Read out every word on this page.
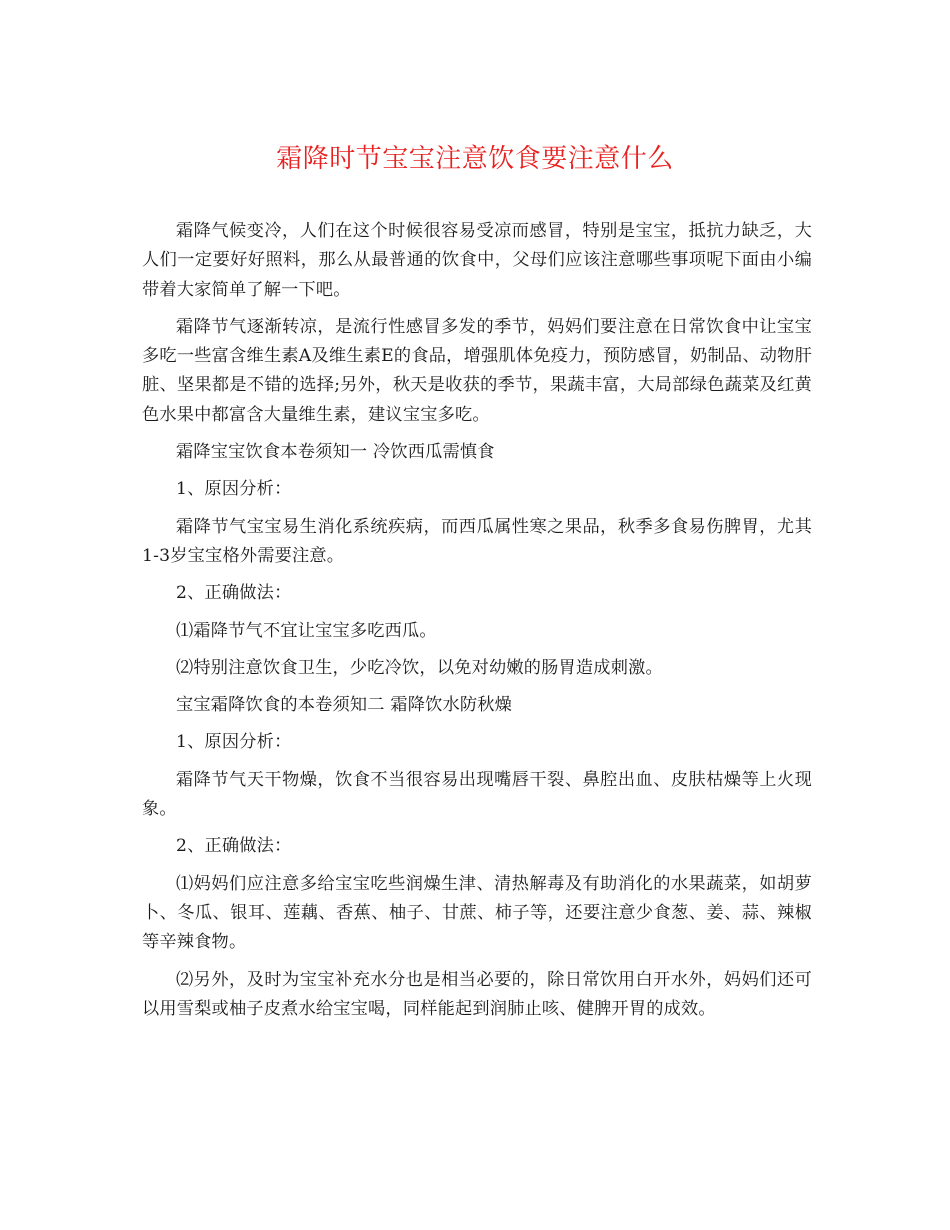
霜降时节宝宝注意饮食要注意什么

霜降气候变冷，人们在这个时候很容易受凉而感冒，特别是宝宝，抵抗力缺乏，大人们一定要好好照料，那么从最普通的饮食中，父母们应该注意哪些事项呢下面由小编带着大家简单了解一下吧。

霜降节气逐渐转凉，是流行性感冒多发的季节，妈妈们要注意在日常饮食中让宝宝多吃一些富含维生素A及维生素E的食品，增强肌体免疫力，预防感冒，奶制品、动物肝脏、坚果都是不错的选择;另外，秋天是收获的季节，果蔬丰富，大局部绿色蔬菜及红黄色水果中都富含大量维生素，建议宝宝多吃。

霜降宝宝饮食本卷须知一 冷饮西瓜需慎食

1、原因分析：

霜降节气宝宝易生消化系统疾病，而西瓜属性寒之果品，秋季多食易伤脾胃，尤其1-3岁宝宝格外需要注意。

2、正确做法：

⑴霜降节气不宜让宝宝多吃西瓜。

⑵特别注意饮食卫生，少吃冷饮，以免对幼嫩的肠胃造成刺激。

宝宝霜降饮食的本卷须知二 霜降饮水防秋燥

1、原因分析：

霜降节气天干物燥，饮食不当很容易出现嘴唇干裂、鼻腔出血、皮肤枯燥等上火现象。

2、正确做法：

⑴妈妈们应注意多给宝宝吃些润燥生津、清热解毒及有助消化的水果蔬菜，如胡萝卜、冬瓜、银耳、莲藕、香蕉、柚子、甘蔗、柿子等，还要注意少食葱、姜、蒜、辣椒等辛辣食物。

⑵另外，及时为宝宝补充水分也是相当必要的，除日常饮用白开水外，妈妈们还可以用雪梨或柚子皮煮水给宝宝喝，同样能起到润肺止咳、健脾开胃的成效。
